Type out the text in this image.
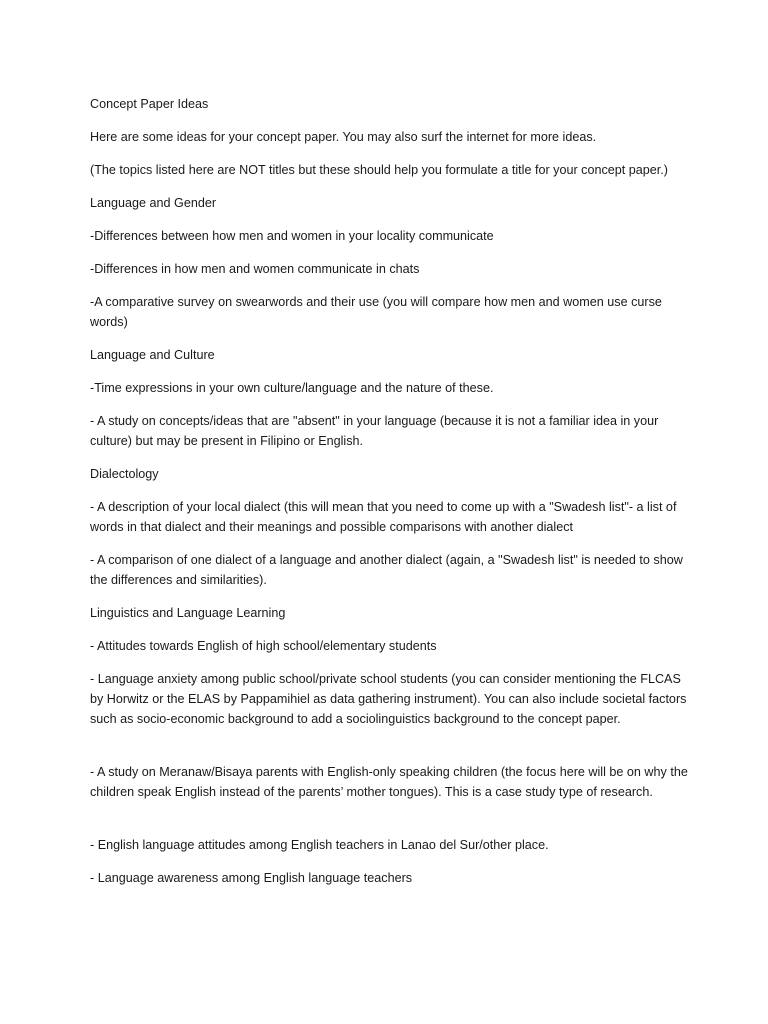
Concept Paper Ideas

Here are some ideas for your concept paper. You may also surf the internet for more ideas.

(The topics listed here are NOT titles but these should help you formulate a title for your concept paper.)

Language and Gender

-Differences between how men and women in your locality communicate

-Differences in how men and women communicate in chats

-A comparative survey on swearwords and their use (you will compare how men and women use curse words)

Language and Culture

-Time expressions in your own culture/language and the nature of these.

- A study on concepts/ideas that are "absent" in your language (because it is not a familiar idea in your culture) but may be present in Filipino or English.

Dialectology

- A description of your local dialect (this will mean that you need to come up with a "Swadesh list"- a list of words in that dialect and their meanings and possible comparisons with another dialect

- A comparison of one dialect of a language and another dialect (again, a "Swadesh list" is needed to show the differences and similarities).

Linguistics and Language Learning

- Attitudes towards English of high school/elementary students

- Language anxiety among public school/private school students (you can consider mentioning the FLCAS by Horwitz or the ELAS by Pappamihiel as data gathering instrument). You can also include societal factors such as socio-economic background to add a sociolinguistics background to the concept paper.

- A study on Meranaw/Bisaya parents with English-only speaking children (the focus here will be on why the children speak English instead of the parents’ mother tongues). This is a case study type of research.

- English language attitudes among English teachers in Lanao del Sur/other place.

- Language awareness among English language teachers
